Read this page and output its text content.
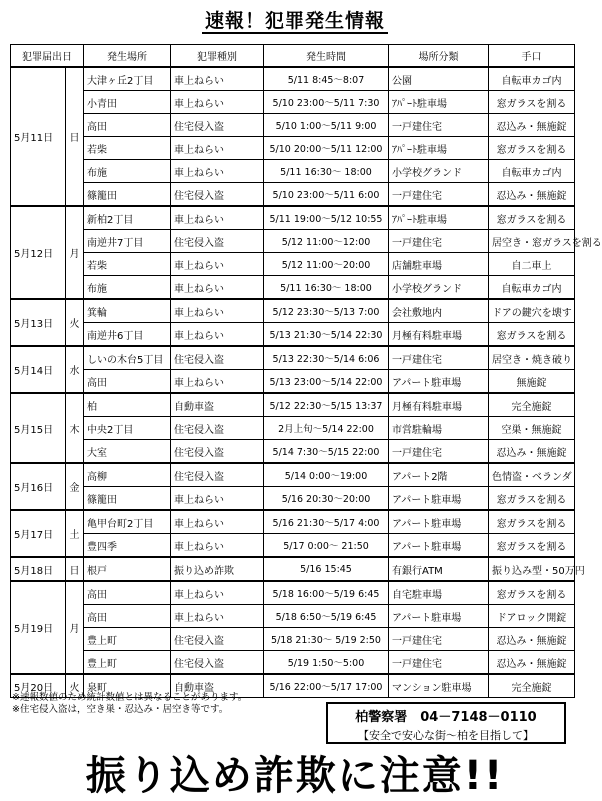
速報！犯罪発生情報
犯罪届出日		発生場所	犯罪種別	発生時間	場所分類	手口
5月11日	日	大津ヶ丘2丁目	車上ねらい	5/11 8:45～8:07	公園	自転車カゴ内
		小青田	車上ねらい	5/10 23:00～5/11 7:30	ｱﾊﾟｰﾄ駐車場	窓ガラスを割る
		高田	住宅侵入盗	5/10 1:00～5/11 9:00	一戸建住宅	忍込み・無施錠
		若柴	車上ねらい	5/10 20:00～5/11 12:00	ｱﾊﾟｰﾄ駐車場	窓ガラスを割る
		布施	車上ねらい	5/11 16:30～ 18:00	小学校グランド	自転車カゴ内
		篠籠田	住宅侵入盗	5/10 23:00～5/11 6:00	一戸建住宅	忍込み・無施錠
5月12日	月	新柏2丁目	車上ねらい	5/11 19:00～5/12 10:55	ｱﾊﾟｰﾄ駐車場	窓ガラスを割る
		南逆井7丁目	住宅侵入盗	5/12 11:00～12:00	一戸建住宅	居空き・窓ガラスを割る
		若柴	車上ねらい	5/12 11:00～20:00	店舗駐車場	自二車上
		布施	車上ねらい	5/11 16:30～ 18:00	小学校グランド	自転車カゴ内
5月13日	火	箕輪	車上ねらい	5/12 23:30～5/13 7:00	会社敷地内	ドアの鍵穴を壊す
		南逆井6丁目	車上ねらい	5/13 21:30～5/14 22:30	月極有料駐車場	窓ガラスを割る
5月14日	水	しいの木台5丁目	住宅侵入盗	5/13 22:30～5/14 6:06	一戸建住宅	居空き・焼き破り
		高田	車上ねらい	5/13 23:00～5/14 22:00	アパート駐車場	無施錠
5月15日	木	柏	自動車盗	5/12 22:30～5/15 13:37	月極有料駐車場	完全施錠
		中央2丁目	住宅侵入盗	2月上旬～5/14 22:00	市営駐輪場	空巣・無施錠
		大室	住宅侵入盗	5/14 7:30～5/15 22:00	一戸建住宅	忍込み・無施錠
5月16日	金	高柳	住宅侵入盗	5/14 0:00～19:00	アパート2階	色情盗・ベランダ
		篠籠田	車上ねらい	5/16 20:30～20:00	アパート駐車場	窓ガラスを割る
5月17日	土	亀甲台町2丁目	車上ねらい	5/16 21:30～5/17 4:00	アパート駐車場	窓ガラスを割る
		豊四季	車上ねらい	5/17 0:00～ 21:50	アパート駐車場	窓ガラスを割る
5月18日	日	根戸	振り込め詐欺	5/16 15:45	有銀行ATM	振り込み型・50万円
5月19日	月	高田	車上ねらい	5/18 16:00～5/19 6:45	自宅駐車場	窓ガラスを割る
		高田	車上ねらい	5/18 6:50～5/19 6:45	アパート駐車場	ドアロック開錠
		豊上町	住宅侵入盗	5/18 21:30～ 5/19 2:50	一戸建住宅	忍込み・無施錠
		豊上町	住宅侵入盗	5/19 1:50～5:00	一戸建住宅	忍込み・無施錠
5月20日	火	泉町	自動車盗	5/16 22:00～5/17 17:00	マンション駐車場	完全施錠
※速報数値のため統計数値とは異なることがあります。
※住宅侵入盗は，空き巣・忍込み・居空き等です。
柏警察署　04－7148－0110
【安全で安心な街～柏を目指して】
振り込め詐欺に注意!!
